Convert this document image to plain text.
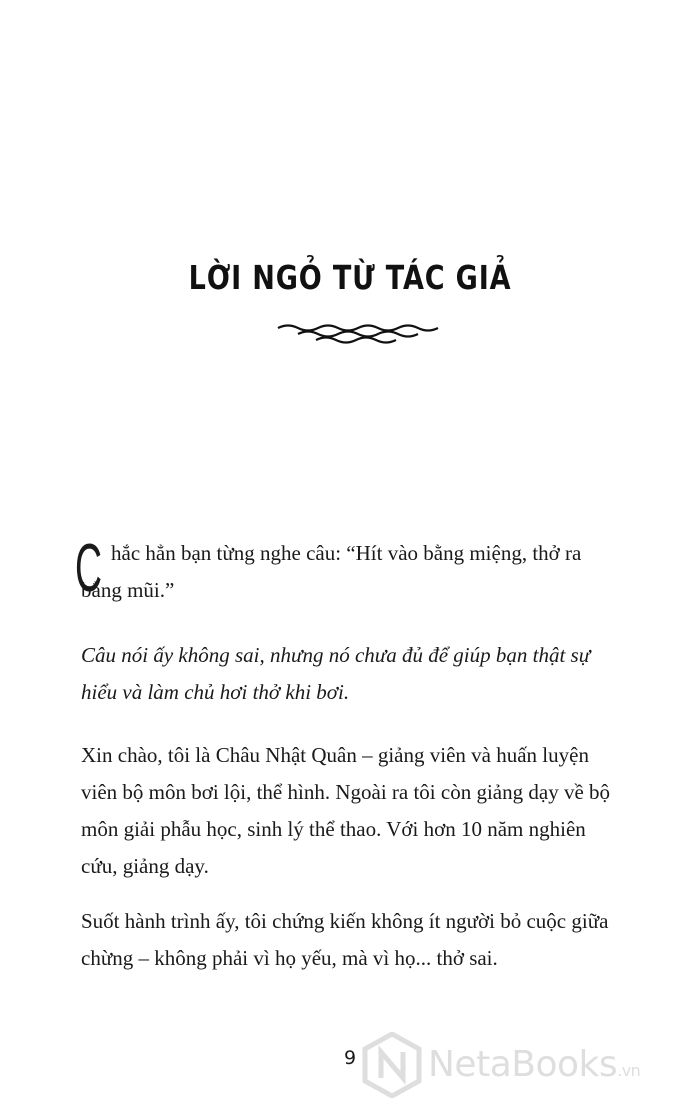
LỜI NGỎ TỪ TÁC GIẢ
C hắc hẳn bạn từng nghe câu: “Hít vào bằng miệng, thở ra bằng mũi.”

Câu nói ấy không sai, nhưng nó chưa đủ để giúp bạn thật sự hiểu và làm chủ hơi thở khi bơi.

Xin chào, tôi là Châu Nhật Quân – giảng viên và huấn luyện viên bộ môn bơi lội, thể hình. Ngoài ra tôi còn giảng dạy về bộ môn giải phẫu học, sinh lý thể thao. Với hơn 10 năm nghiên cứu, giảng dạy.

Suốt hành trình ấy, tôi chứng kiến không ít người bỏ cuộc giữa chừng – không phải vì họ yếu, mà vì họ... thở sai.

9	NetaBooks.vn
